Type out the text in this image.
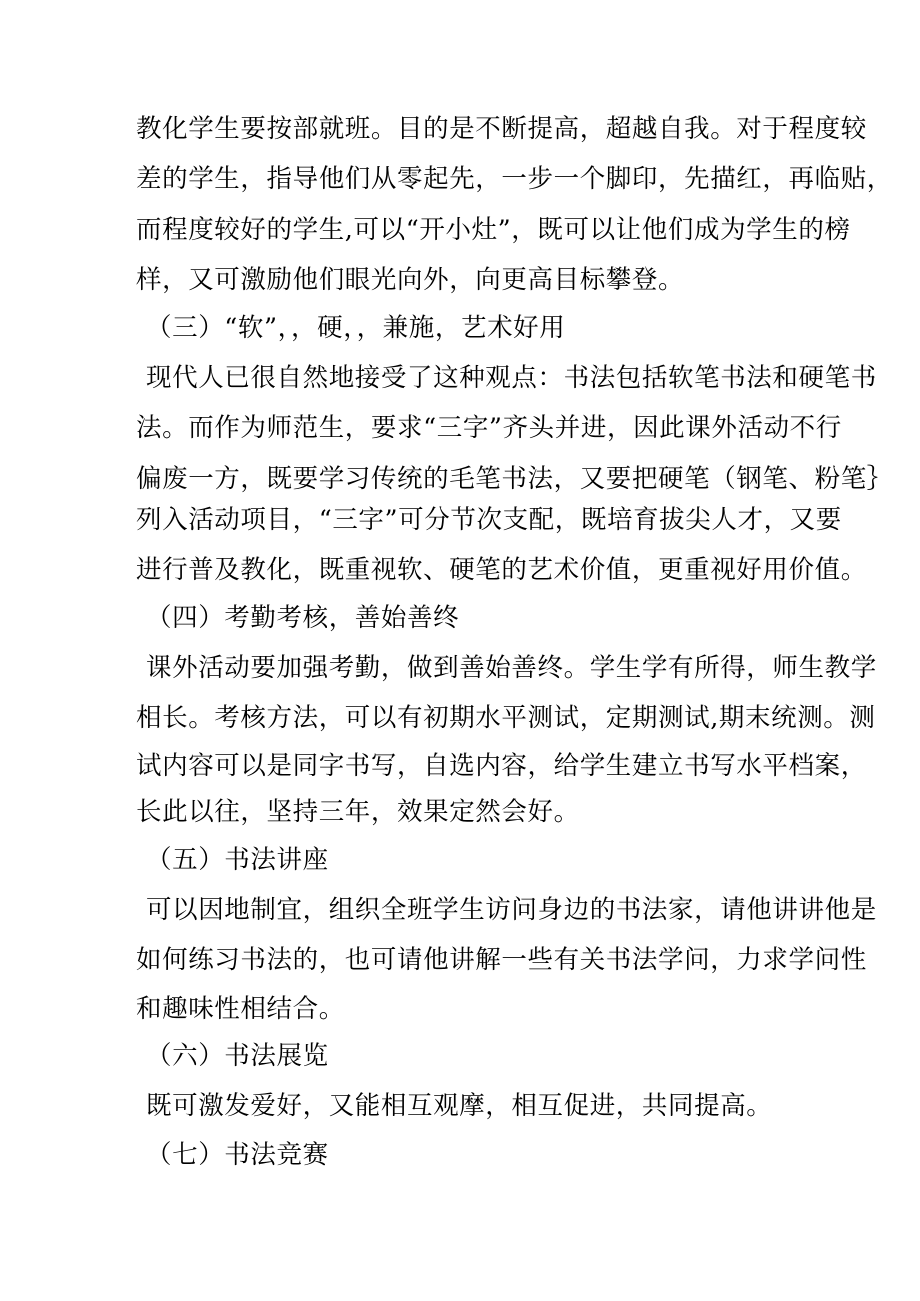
教化学生要按部就班。目的是不断提高，超越自我。对于程度较
差的学生，指导他们从零起先，一步一个脚印，先描红，再临贴，
而程度较好的学生,可以“开小灶”，既可以让他们成为学生的榜
样，又可激励他们眼光向外，向更高目标攀登。
（三）“软”，，硬，，兼施，艺术好用
现代人已很自然地接受了这种观点：书法包括软笔书法和硬笔书
法。而作为师范生，要求“三字”齐头并进，因此课外活动不行
偏废一方，既要学习传统的毛笔书法，又要把硬笔（钢笔、粉笔｝
列入活动项目，“三字”可分节次支配，既培育拔尖人才，又要
进行普及教化，既重视软、硬笔的艺术价值，更重视好用价值。
（四）考勤考核，善始善终
课外活动要加强考勤，做到善始善终。学生学有所得，师生教学
相长。考核方法，可以有初期水平测试，定期测试,期末统测。测
试内容可以是同字书写，自选内容，给学生建立书写水平档案，
长此以往，坚持三年，效果定然会好。
（五）书法讲座
可以因地制宜，组织全班学生访问身边的书法家，请他讲讲他是
如何练习书法的，也可请他讲解一些有关书法学问，力求学问性
和趣味性相结合。
（六）书法展览
既可激发爱好，又能相互观摩，相互促进，共同提高。
（七）书法竞赛
